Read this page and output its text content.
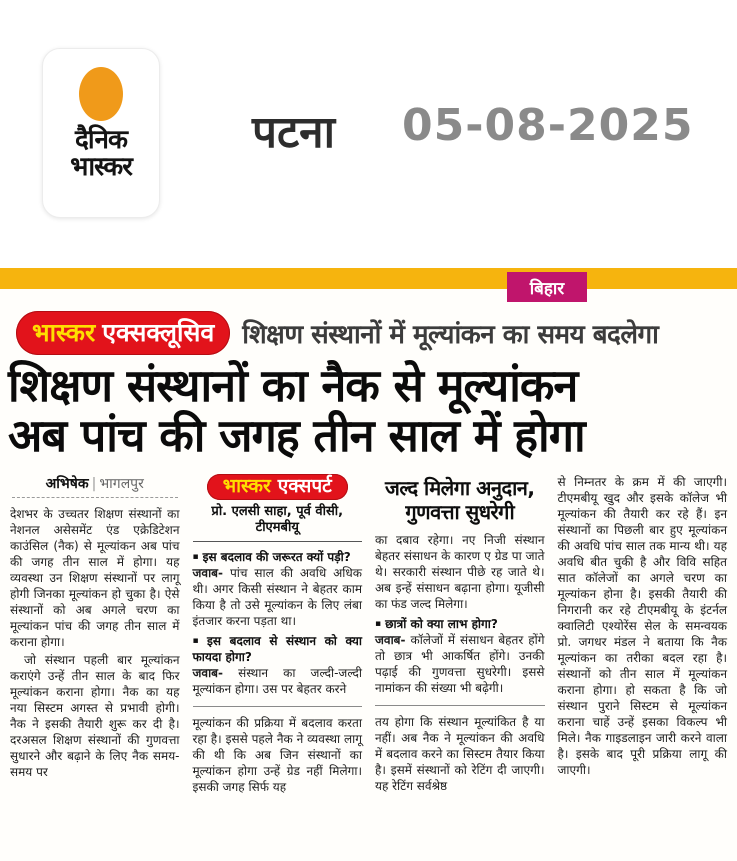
दैनिक
भास्कर
पटना 05-08-2025
बिहार
भास्कर एक्सक्लूसिव शिक्षण संस्थानों में मूल्यांकन का समय बदलेगा
शिक्षण संस्थानों का नैक से मूल्यांकन
अब पांच की जगह तीन साल में होगा
अभिषेक | भागलपुर
देशभर के उच्चतर शिक्षण संस्थानों का नेशनल असेसमेंट एंड एक्रेडिटेशन काउंसिल (नैक) से मूल्यांकन अब पांच की जगह तीन साल में होगा। यह व्यवस्था उन शिक्षण संस्थानों पर लागू होगी जिनका मूल्यांकन हो चुका है। ऐसे संस्थानों को अब अगले चरण का मूल्यांकन पांच की जगह तीन साल में कराना होगा।
जो संस्थान पहली बार मूल्यांकन कराएंगे उन्हें तीन साल के बाद फिर मूल्यांकन कराना होगा। नैक का यह नया सिस्टम अगस्त से प्रभावी होगी। नैक ने इसकी तैयारी शुरू कर दी है। दरअसल शिक्षण संस्थानों की गुणवत्ता सुधारने और बढ़ाने के लिए नैक समय-समय पर
भास्कर एक्सपर्ट
प्रो. एलसी साहा, पूर्व वीसी, टीएमबीयू
▪ इस बदलाव की जरूरत क्यों पड़ी?
जवाब- पांच साल की अवधि अधिक थी। अगर किसी संस्थान ने बेहतर काम किया है तो उसे मूल्यांकन के लिए लंबा इंतजार करना पड़ता था।
▪ इस बदलाव से संस्थान को क्या फायदा होगा?
जवाब- संस्थान का जल्दी-जल्दी मूल्यांकन होगा। उस पर बेहतर करने
मूल्यांकन की प्रक्रिया में बदलाव करता रहा है। इससे पहले नैक ने व्यवस्था लागू की थी कि अब जिन संस्थानों का मूल्यांकन होगा उन्हें ग्रेड नहीं मिलेगा। इसकी जगह सिर्फ यह
जल्द मिलेगा अनुदान,
गुणवत्ता सुधरेगी
का दबाव रहेगा। नए निजी संस्थान बेहतर संसाधन के कारण ए ग्रेड पा जाते थे। सरकारी संस्थान पीछे रह जाते थे। अब इन्हें संसाधन बढ़ाना होगा। यूजीसी का फंड जल्द मिलेगा।
▪ छात्रों को क्या लाभ होगा?
जवाब- कॉलेजों में संसाधन बेहतर होंगे तो छात्र भी आकर्षित होंगे। उनकी पढ़ाई की गुणवत्ता सुधरेगी। इससे नामांकन की संख्या भी बढ़ेगी।
तय होगा कि संस्थान मूल्यांकित है या नहीं। अब नैक ने मूल्यांकन की अवधि में बदलाव करने का सिस्टम तैयार किया है। इसमें संस्थानों को रेटिंग दी जाएगी। यह रेटिंग सर्वश्रेष्ठ
से निम्नतर के क्रम में की जाएगी। टीएमबीयू खुद और इसके कॉलेज भी मूल्यांकन की तैयारी कर रहे हैं। इन संस्थानों का पिछली बार हुए मूल्यांकन की अवधि पांच साल तक मान्य थी। यह अवधि बीत चुकी है और विवि सहित सात कॉलेजों का अगले चरण का मूल्यांकन होना है। इसकी तैयारी की निगरानी कर रहे टीएमबीयू के इंटर्नल क्वालिटी एश्योरेंस सेल के समन्वयक प्रो. जगधर मंडल ने बताया कि नैक मूल्यांकन का तरीका बदल रहा है। संस्थानों को तीन साल में मूल्यांकन कराना होगा। हो सकता है कि जो संस्थान पुराने सिस्टम से मूल्यांकन कराना चाहें उन्हें इसका विकल्प भी मिले। नैक गाइडलाइन जारी करने वाला है। इसके बाद पूरी प्रक्रिया लागू की जाएगी।
